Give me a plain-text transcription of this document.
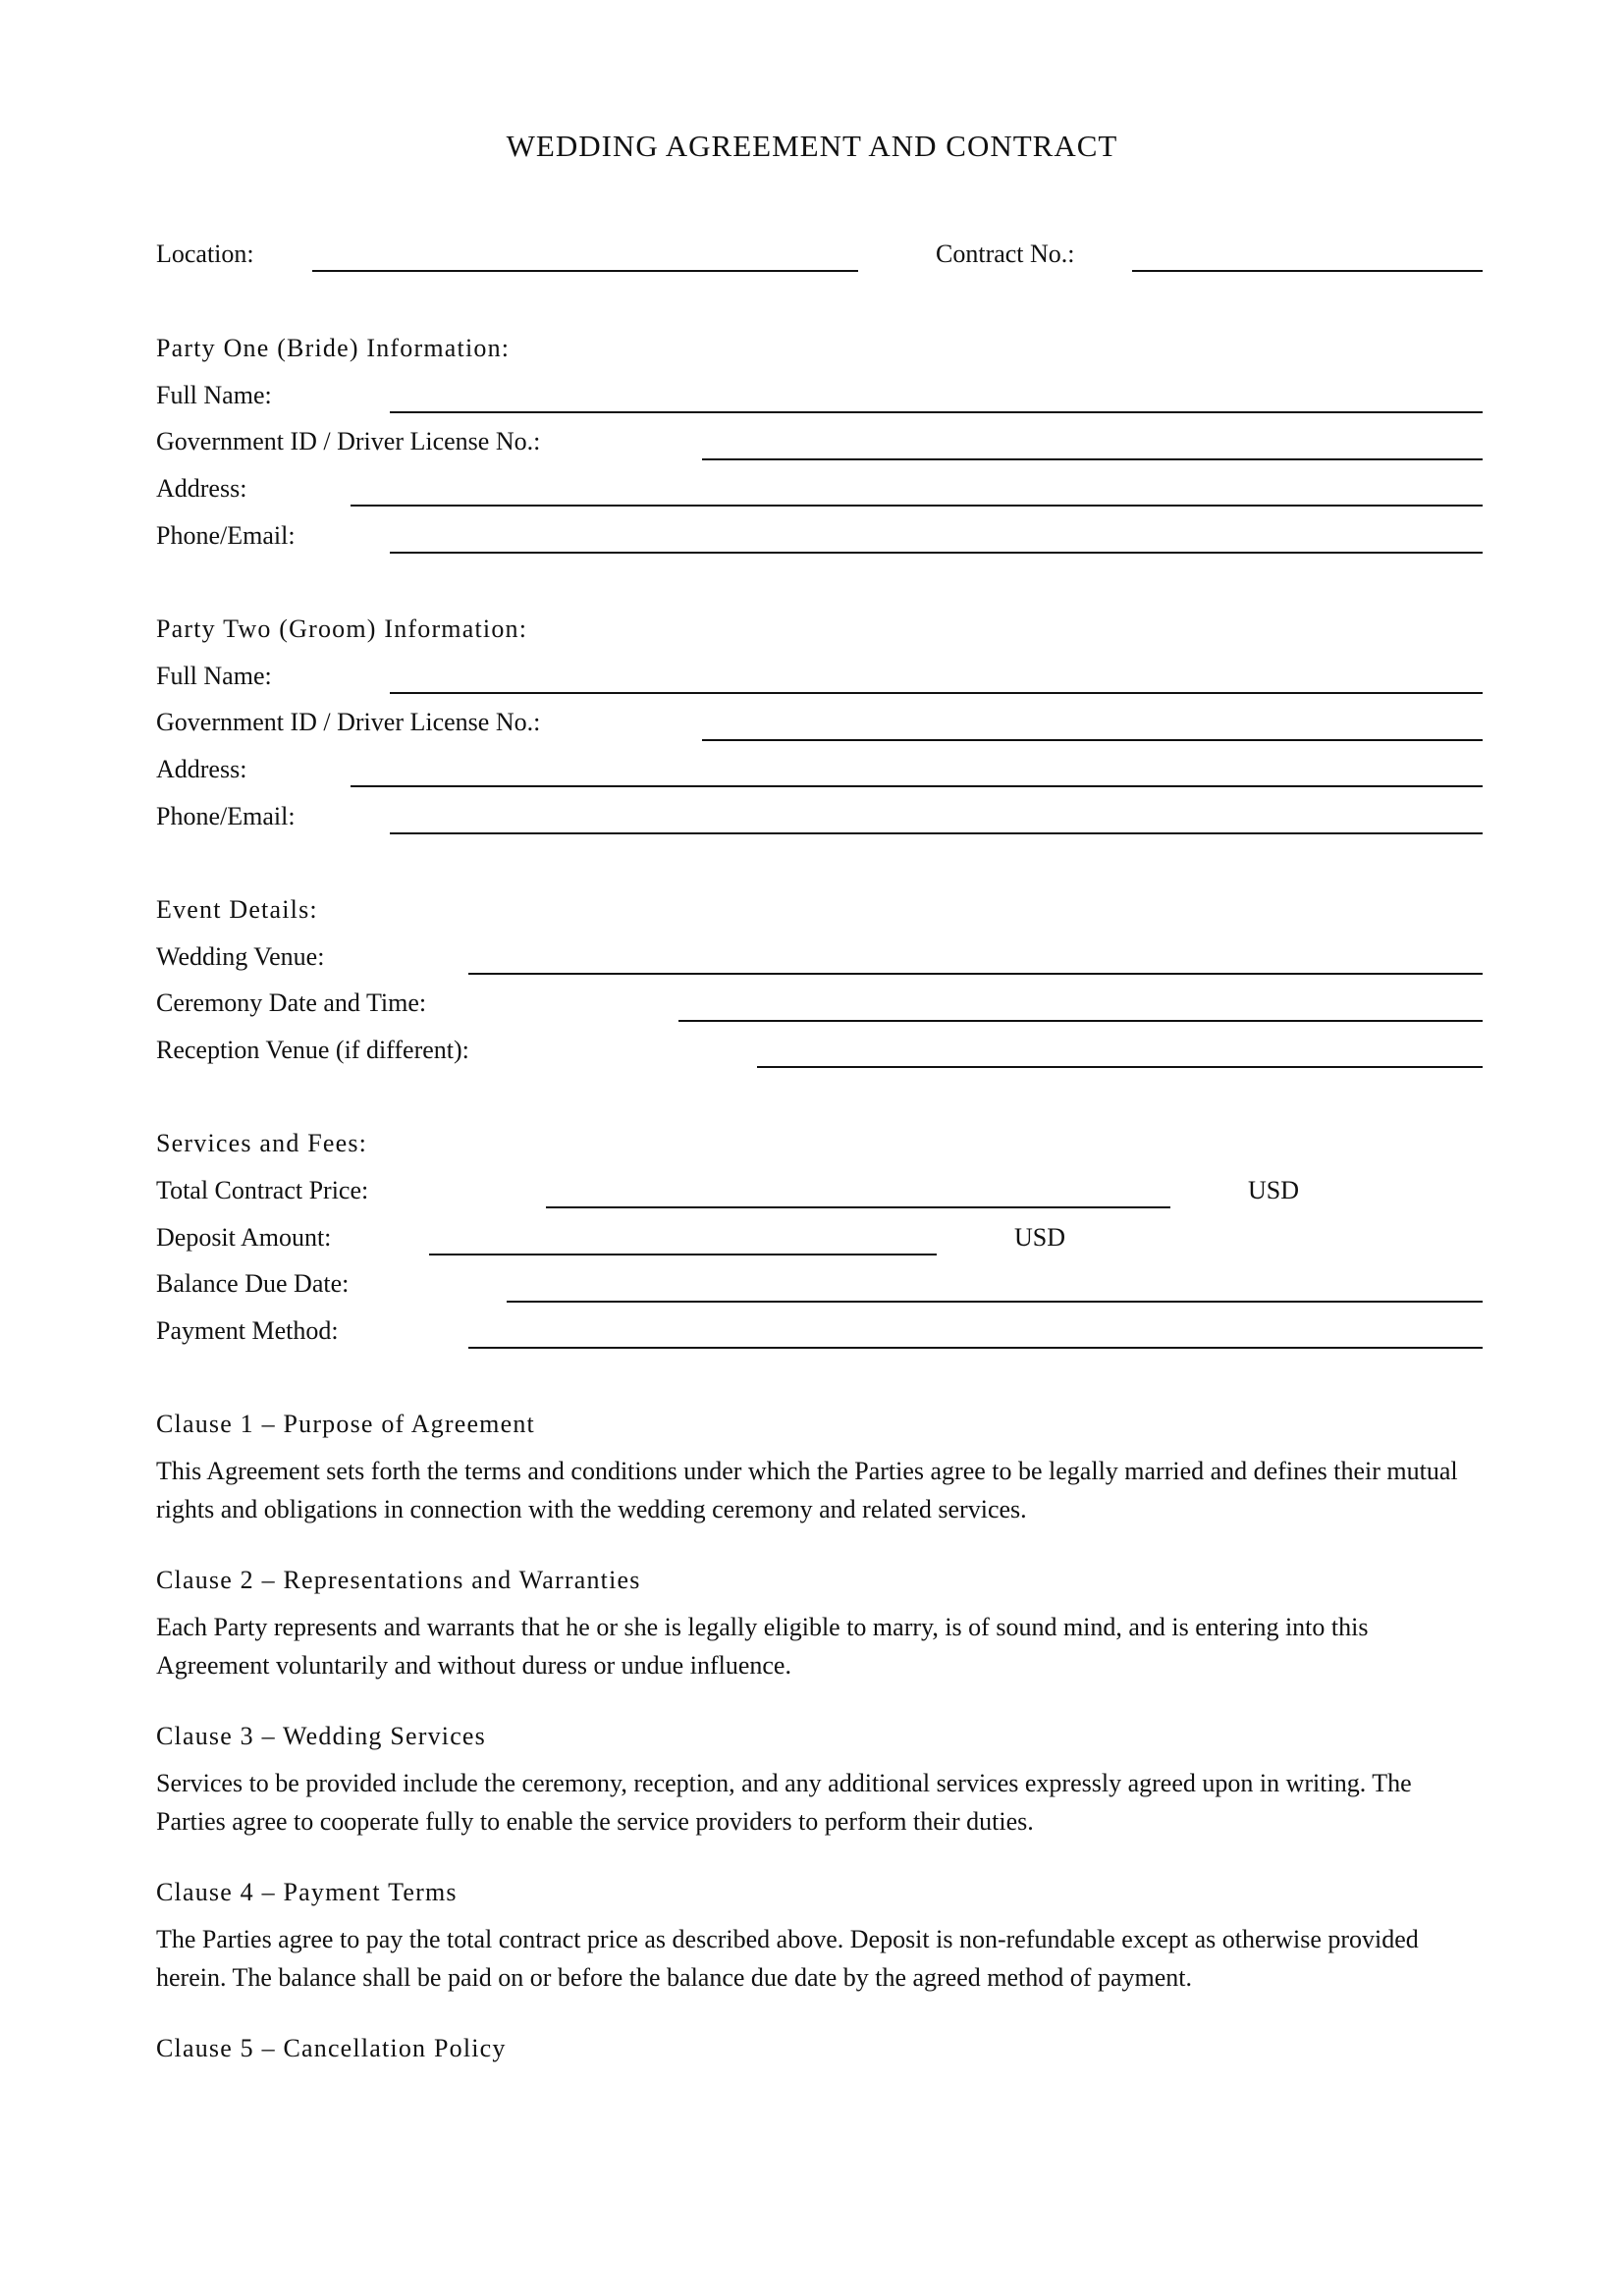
WEDDING AGREEMENT AND CONTRACT
Location:	Contract No.:
Party One (Bride) Information:
Full Name:
Government ID / Driver License No.:
Address:
Phone/Email:
Party Two (Groom) Information:
Full Name:
Government ID / Driver License No.:
Address:
Phone/Email:
Event Details:
Wedding Venue:
Ceremony Date and Time:
Reception Venue (if different):
Services and Fees:
Total Contract Price:	USD
Deposit Amount:	USD
Balance Due Date:
Payment Method:
Clause 1 – Purpose of Agreement
This Agreement sets forth the terms and conditions under which the Parties agree to be legally married and defines their mutual rights and obligations in connection with the wedding ceremony and related services.
Clause 2 – Representations and Warranties
Each Party represents and warrants that he or she is legally eligible to marry, is of sound mind, and is entering into this Agreement voluntarily and without duress or undue influence.
Clause 3 – Wedding Services
Services to be provided include the ceremony, reception, and any additional services expressly agreed upon in writing. The Parties agree to cooperate fully to enable the service providers to perform their duties.
Clause 4 – Payment Terms
The Parties agree to pay the total contract price as described above. Deposit is non-refundable except as otherwise provided herein. The balance shall be paid on or before the balance due date by the agreed method of payment.
Clause 5 – Cancellation Policy
